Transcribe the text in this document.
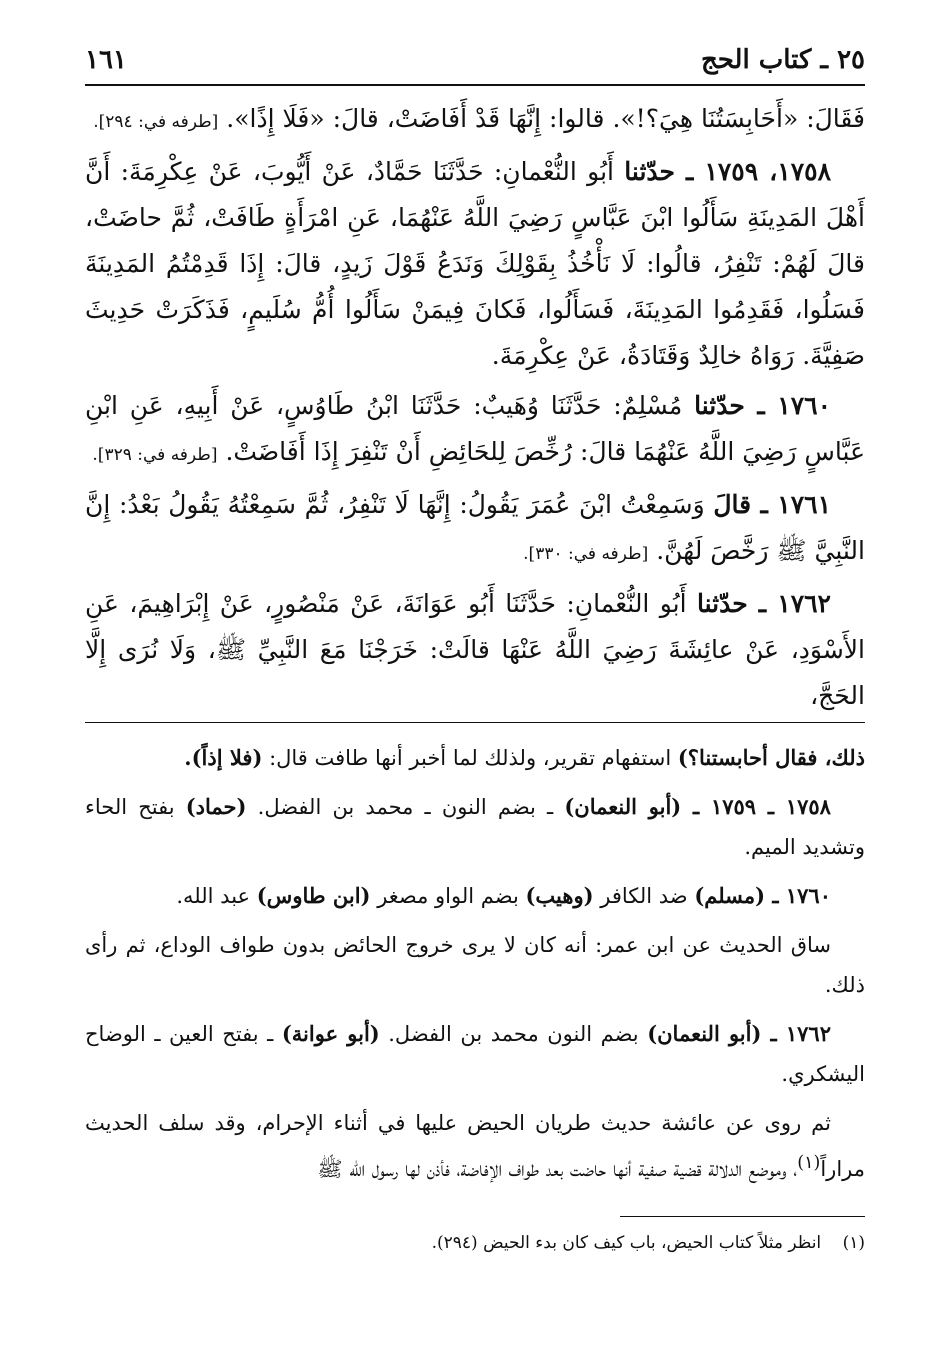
٢٥ ـ كتاب الحج
١٦١

فَقَالَ: «أَحَابِسَتُنَا هِيَ؟!». قالوا: إِنَّهَا قَدْ أَفَاضَتْ، قالَ: «فَلَا إِذًا». [طرفه في: ٢٩٤].

١٧٥٨، ١٧٥٩ ـ حدّثنا أَبُو النُّعْمانِ: حَدَّثَنَا حَمَّادٌ، عَنْ أَيُّوبَ، عَنْ عِكْرِمَةَ: أَنَّ أَهْلَ المَدِينَةِ سَأَلُوا ابْنَ عَبَّاسٍ رَضِيَ اللَّهُ عَنْهُمَا، عَنِ امْرَأَةٍ طَافَتْ، ثُمَّ حاضَتْ، قالَ لَهُمْ: تَنْفِرُ، قالُوا: لَا نَأْخُذُ بِقَوْلِكَ وَنَدَعُ قَوْلَ زَيدٍ، قالَ: إِذَا قَدِمْتُمُ المَدِينَةَ فَسَلُوا، فَقَدِمُوا المَدِينَةَ، فَسَأَلُوا، فَكانَ فِيمَنْ سَأَلُوا أُمُّ سُلَيمٍ، فَذَكَرَتْ حَدِيثَ صَفِيَّةَ. رَوَاهُ خالِدٌ وَقَتَادَةُ، عَنْ عِكْرِمَةَ.

١٧٦٠ ـ حدّثنا مُسْلِمٌ: حَدَّثَنَا وُهَيبٌ: حَدَّثَنَا ابْنُ طَاوُسٍ، عَنْ أَبِيهِ، عَنِ ابْنِ عَبَّاسٍ رَضِيَ اللَّهُ عَنْهُمَا قالَ: رُخِّصَ لِلحَائِضِ أَنْ تَنْفِرَ إِذَا أَفَاضَتْ. [طرفه في: ٣٢٩].

١٧٦١ ـ قالَ وَسَمِعْتُ ابْنَ عُمَرَ يَقُولُ: إِنَّهَا لَا تَنْفِرُ، ثُمَّ سَمِعْتُهُ يَقُولُ بَعْدُ: إِنَّ النَّبِيَّ ﷺ رَخَّصَ لَهُنَّ. [طرفه في: ٣٣٠].

١٧٦٢ ـ حدّثنا أَبُو النُّعْمانِ: حَدَّثَنَا أَبُو عَوَانَةَ، عَنْ مَنْصُورٍ، عَنْ إِبْرَاهِيمَ، عَنِ الأَسْوَدِ، عَنْ عائِشَةَ رَضِيَ اللَّهُ عَنْهَا قالَتْ: خَرَجْنَا مَعَ النَّبِيِّ ﷺ، وَلَا نُرَى إِلَّا الحَجَّ،

ذلك، فقال أحابستنا؟) استفهام تقرير، ولذلك لما أخبر أنها طافت قال: (فلا إذاً).

١٧٥٨ ـ ١٧٥٩ ـ (أبو النعمان) ـ بضم النون ـ محمد بن الفضل. (حماد) بفتح الحاء وتشديد الميم.

١٧٦٠ ـ (مسلم) ضد الكافر (وهيب) بضم الواو مصغر (ابن طاوس) عبد الله.

ساق الحديث عن ابن عمر: أنه كان لا يرى خروج الحائض بدون طواف الوداع، ثم رأى ذلك.

١٧٦٢ ـ (أبو النعمان) بضم النون محمد بن الفضل. (أبو عوانة) ـ بفتح العين ـ الوضاح اليشكري.

ثم روى عن عائشة حديث طريان الحيض عليها في أثناء الإحرام، وقد سلف الحديث مراراً$^{(١)}$، وموضع الدلالة قضية صفية أنها حاضت بعد طواف الإفاضة، فأذن لها رسول الله ﷺ

(١) انظر مثلاً كتاب الحيض، باب كيف كان بدء الحيض (٢٩٤).
